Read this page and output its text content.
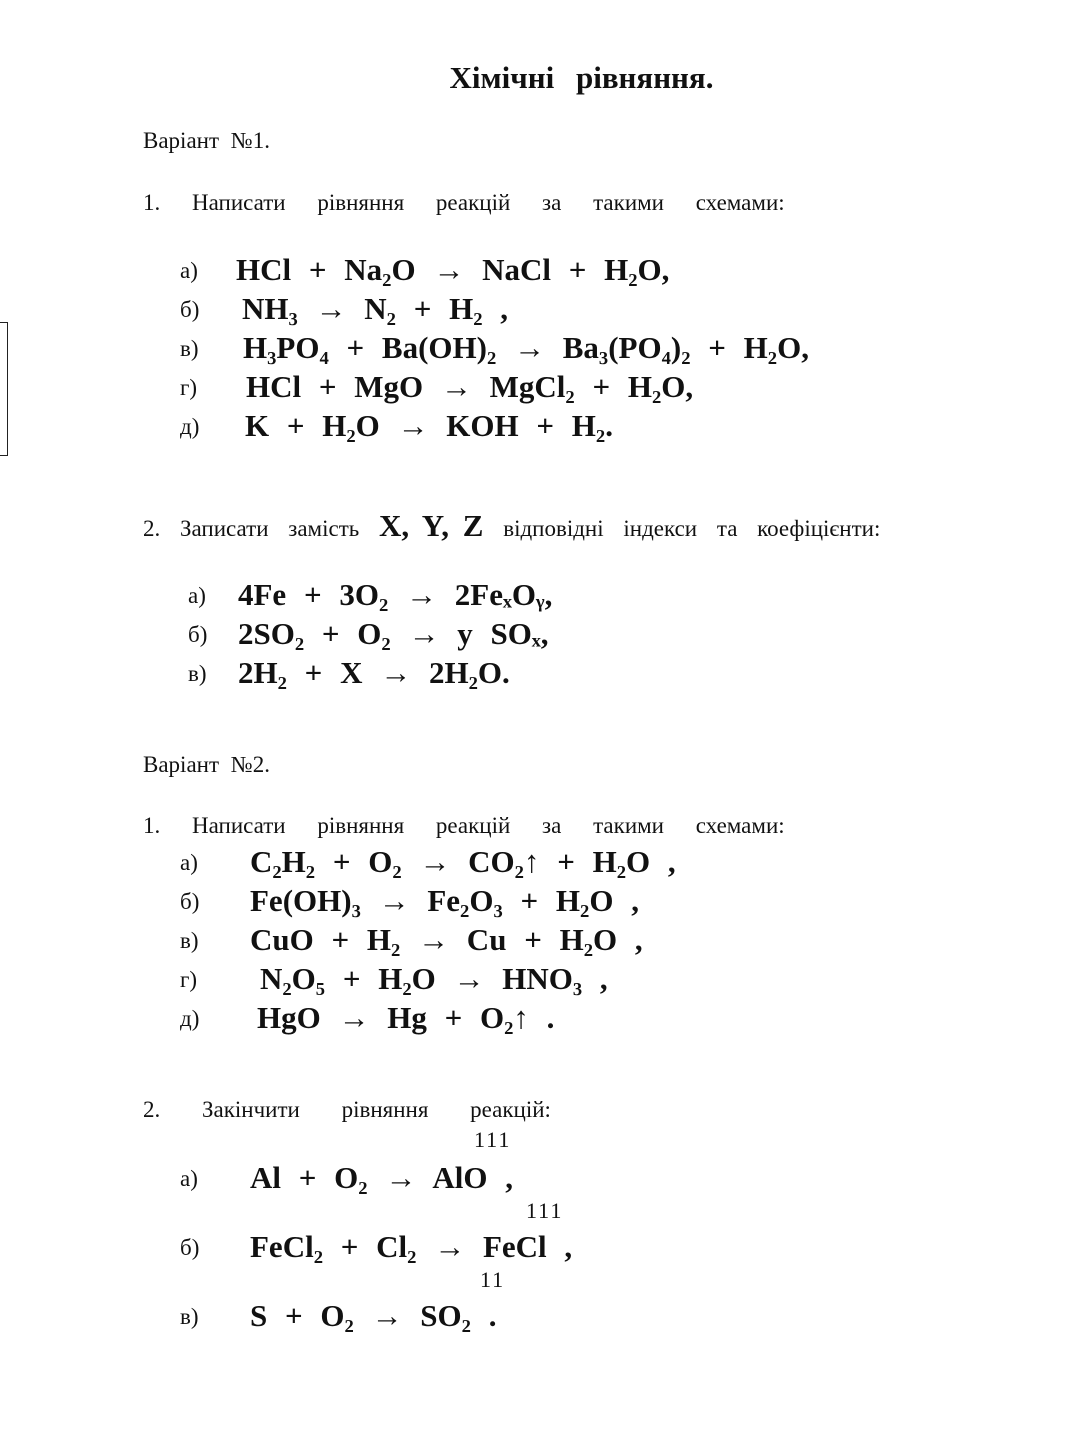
Хімічні рівняння.
Варіант №1.
1. Написати рівняння реакцій за такими схемами:
а) HCl + Na₂O → NaCl + H₂O,
б) NH₃ → N₂ + H₂ ,
в) H₃PO₄ + Ba(OH)₂ → Ba₃(PO₄)₂ + H₂O,
г) HCl + MgO → MgCl₂ + H₂O,
д) K + H₂O → KOH + H₂.
2. Записати замість X, Y, Z відповідні індекси та коефіцієнти:
а) 4Fe + 3O₂ → 2FeₓOᵧ,
б) 2SO₂ + O₂ → y SOₓ,
в) 2H₂ + X → 2H₂O.
Варіант №2.
1. Написати рівняння реакцій за такими схемами:
а) C₂H₂ + O₂ → CO₂↑ + H₂O ,
б) Fe(OH)₃ → Fe₂O₃ + H₂O ,
в) CuO + H₂ → Cu + H₂O ,
г) N₂O₅ + H₂O → HNO₃ ,
д) HgO → Hg + O₂↑ .
2. Закінчити рівняння реакцій:
111
а) Al + O₂ → AlO ,
111
б) FeCl₂ + Cl₂ → FeCl ,
11
в) S + O₂ → SO₂ .
